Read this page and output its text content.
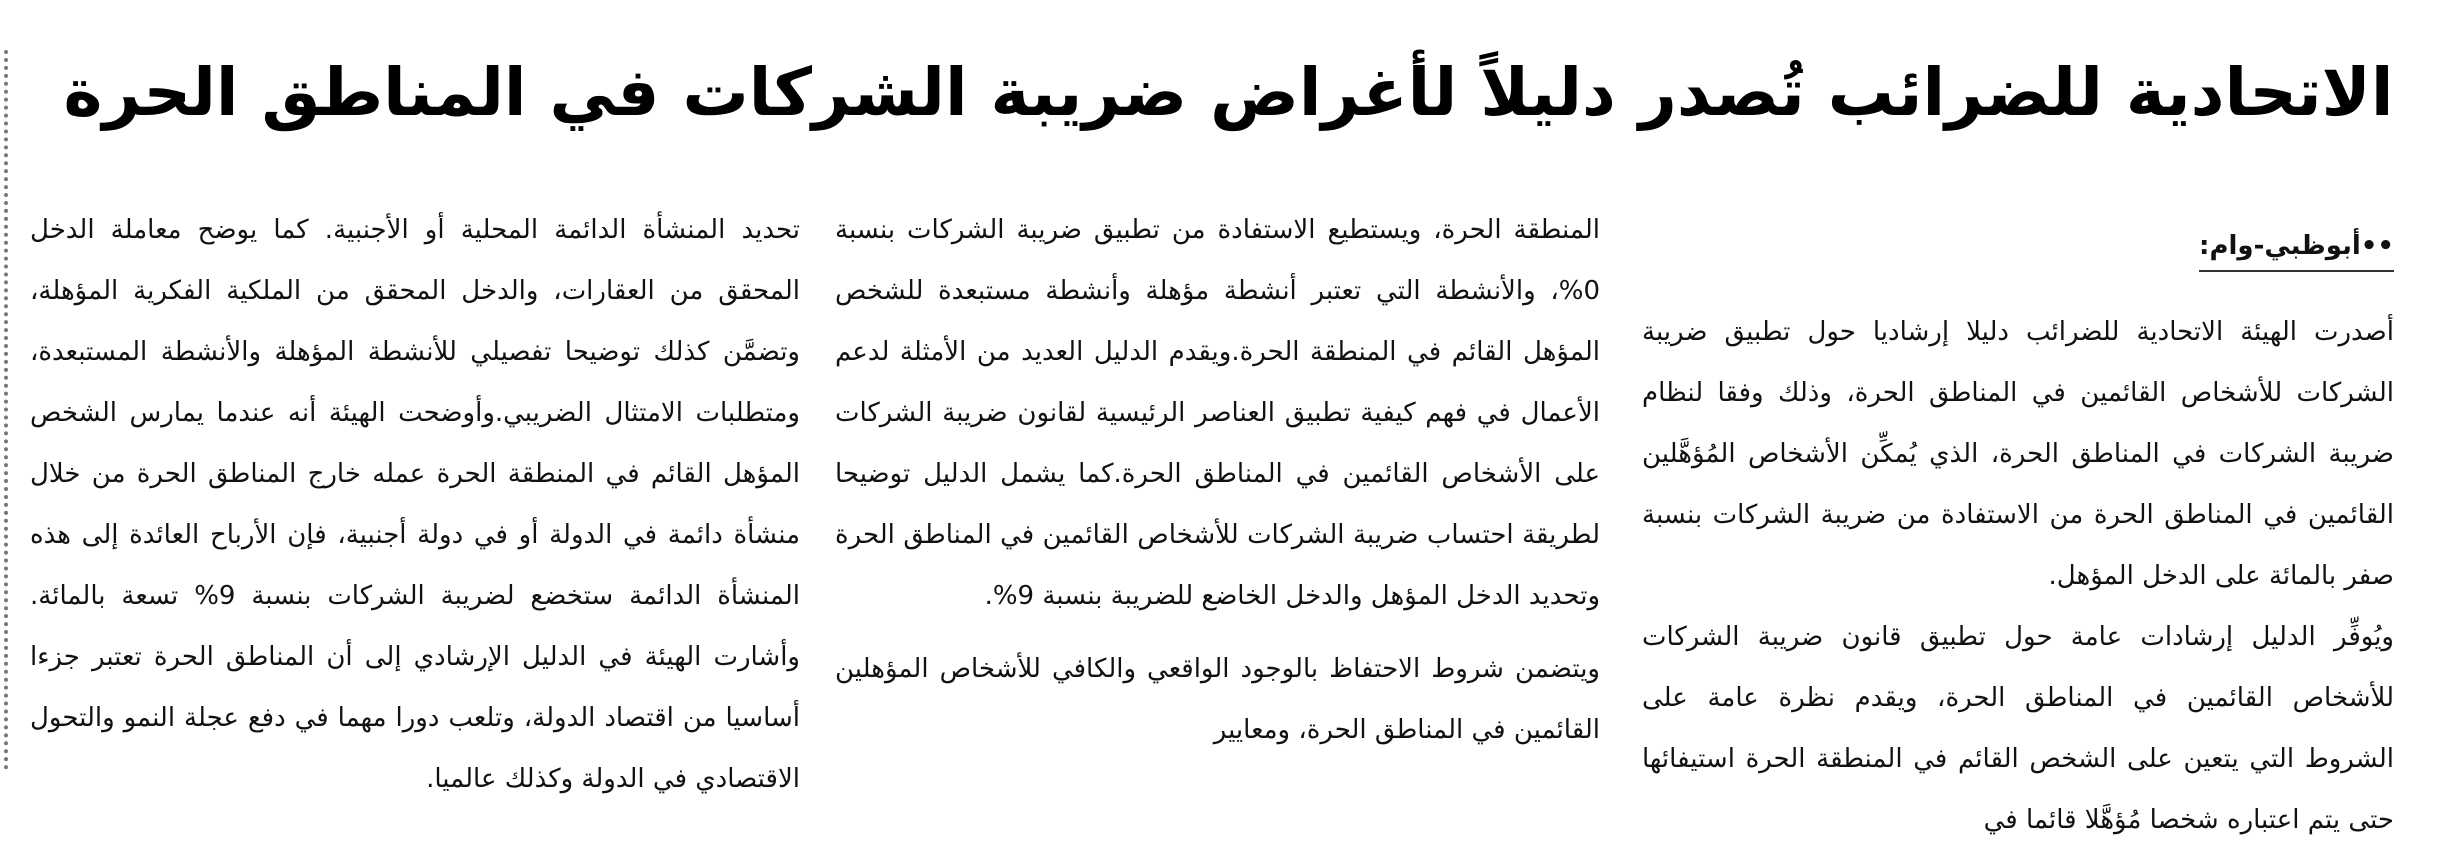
الاتحادية للضرائب تُصدر دليلاً لأغراض ضريبة الشركات في المناطق الحرة
••أبوظبي-وام:

أصدرت الهيئة الاتحادية للضرائب دليلا إرشاديا حول تطبيق ضريبة الشركات للأشخاص القائمين في المناطق الحرة، وذلك وفقا لنظام ضريبة الشركات في المناطق الحرة، الذي يُمكِّن الأشخاص المُؤهَّلين القائمين في المناطق الحرة من الاستفادة من ضريبة الشركات بنسبة صفر بالمائة على الدخل المؤهل.

ويُوفِّر الدليل إرشادات عامة حول تطبيق قانون ضريبة الشركات للأشخاص القائمين في المناطق الحرة، ويقدم نظرة عامة على الشروط التي يتعين على الشخص القائم في المنطقة الحرة استيفائها حتى يتم اعتباره شخصا مُؤهَّلا قائما في

المنطقة الحرة، ويستطيع الاستفادة من تطبيق ضريبة الشركات بنسبة 0%، والأنشطة التي تعتبر أنشطة مؤهلة وأنشطة مستبعدة للشخص المؤهل القائم في المنطقة الحرة.ويقدم الدليل العديد من الأمثلة لدعم الأعمال في فهم كيفية تطبيق العناصر الرئيسية لقانون ضريبة الشركات على الأشخاص القائمين في المناطق الحرة.كما يشمل الدليل توضيحا لطريقة احتساب ضريبة الشركات للأشخاص القائمين في المناطق الحرة وتحديد الدخل المؤهل والدخل الخاضع للضريبة بنسبة 9%.

ويتضمن شروط الاحتفاظ بالوجود الواقعي والكافي للأشخاص المؤهلين القائمين في المناطق الحرة، ومعايير

تحديد المنشأة الدائمة المحلية أو الأجنبية. كما يوضح معاملة الدخل المحقق من العقارات، والدخل المحقق من الملكية الفكرية المؤهلة، وتضمَّن كذلك توضيحا تفصيلي للأنشطة المؤهلة والأنشطة المستبعدة، ومتطلبات الامتثال الضريبي.وأوضحت الهيئة أنه عندما يمارس الشخص المؤهل القائم في المنطقة الحرة عمله خارج المناطق الحرة من خلال منشأة دائمة في الدولة أو في دولة أجنبية، فإن الأرباح العائدة إلى هذه المنشأة الدائمة ستخضع لضريبة الشركات بنسبة 9% تسعة بالمائة. وأشارت الهيئة في الدليل الإرشادي إلى أن المناطق الحرة تعتبر جزءا أساسيا من اقتصاد الدولة، وتلعب دورا مهما في دفع عجلة النمو والتحول الاقتصادي في الدولة وكذلك عالميا.
